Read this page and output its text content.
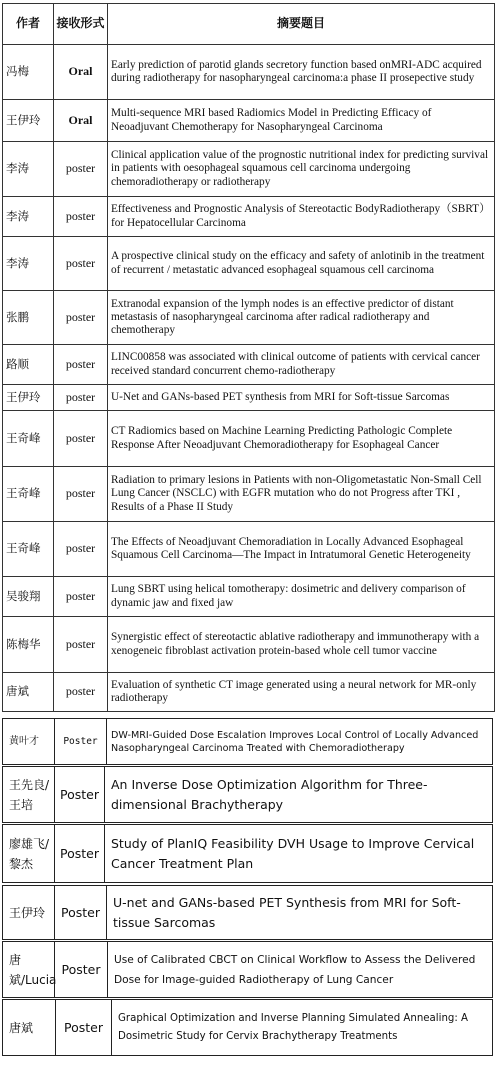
作者	接收形式	摘要题目
冯梅	Oral	Early prediction of parotid glands secretory function based onMRI-ADC acquired during radiotherapy for nasopharyngeal carcinoma:a phase II prosepective study
王伊玲	Oral	Multi-sequence MRI based Radiomics Model in Predicting Efficacy of Neoadjuvant Chemotherapy for Nasopharyngeal Carcinoma
李涛	poster	Clinical application value of the prognostic nutritional index for predicting survival in patients with oesophageal squamous cell carcinoma undergoing chemoradiotherapy or radiotherapy
李涛	poster	Effectiveness and Prognostic Analysis of Stereotactic BodyRadiotherapy（SBRT）for Hepatocellular Carcinoma
李涛	poster	A prospective clinical study on the efficacy and safety of anlotinib in the treatment of recurrent / metastatic advanced esophageal squamous cell carcinoma
张鹏	poster	Extranodal expansion of the lymph nodes is an effective predictor of distant metastasis of nasopharyngeal carcinoma after radical radiotherapy and chemotherapy
路顺	poster	LINC00858 was associated with clinical outcome of patients with cervical cancer received standard concurrent chemo-radiotherapy
王伊玲	poster	U-Net and GANs-based PET synthesis from MRI for Soft-tissue Sarcomas
王奇峰	poster	CT Radiomics based on Machine Learning Predicting Pathologic Complete Response After Neoadjuvant Chemoradiotherapy for Esophageal Cancer
王奇峰	poster	Radiation to primary lesions in Patients with non-Oligometastatic Non-Small Cell Lung Cancer (NSCLC) with EGFR mutation who do not Progress after TKI , Results of a Phase II Study
王奇峰	poster	The Effects of Neoadjuvant Chemoradiation in Locally Advanced Esophageal Squamous Cell Carcinoma—The Impact in Intratumoral Genetic Heterogeneity
吴骏翔	poster	Lung SBRT using helical tomotherapy: dosimetric and delivery comparison of dynamic jaw and fixed jaw
陈梅华	poster	Synergistic effect of stereotactic ablative radiotherapy and immunotherapy with a xenogeneic fibroblast activation protein-based whole cell tumor vaccine
唐斌	poster	Evaluation of synthetic CT image generated using a neural network for MR-only radiotherapy
黄叶才	Poster	DW-MRI-Guided Dose Escalation Improves Local Control of Locally Advanced Nasopharyngeal Carcinoma Treated with Chemoradiotherapy
王先良/王培	Poster	An Inverse Dose Optimization Algorithm for Three-dimensional Brachytherapy
廖雄飞/黎杰	Poster	Study of PlanIQ Feasibility DVH Usage to Improve Cervical Cancer Treatment Plan
王伊玲	Poster	U-net and GANs-based PET Synthesis from MRI for Soft-tissue Sarcomas
唐斌/Lucia	Poster	Use of Calibrated CBCT on Clinical Workflow to Assess the Delivered Dose for Image-guided Radiotherapy of Lung Cancer
唐斌	Poster	Graphical Optimization and Inverse Planning Simulated Annealing: A Dosimetric Study for Cervix Brachytherapy Treatments
